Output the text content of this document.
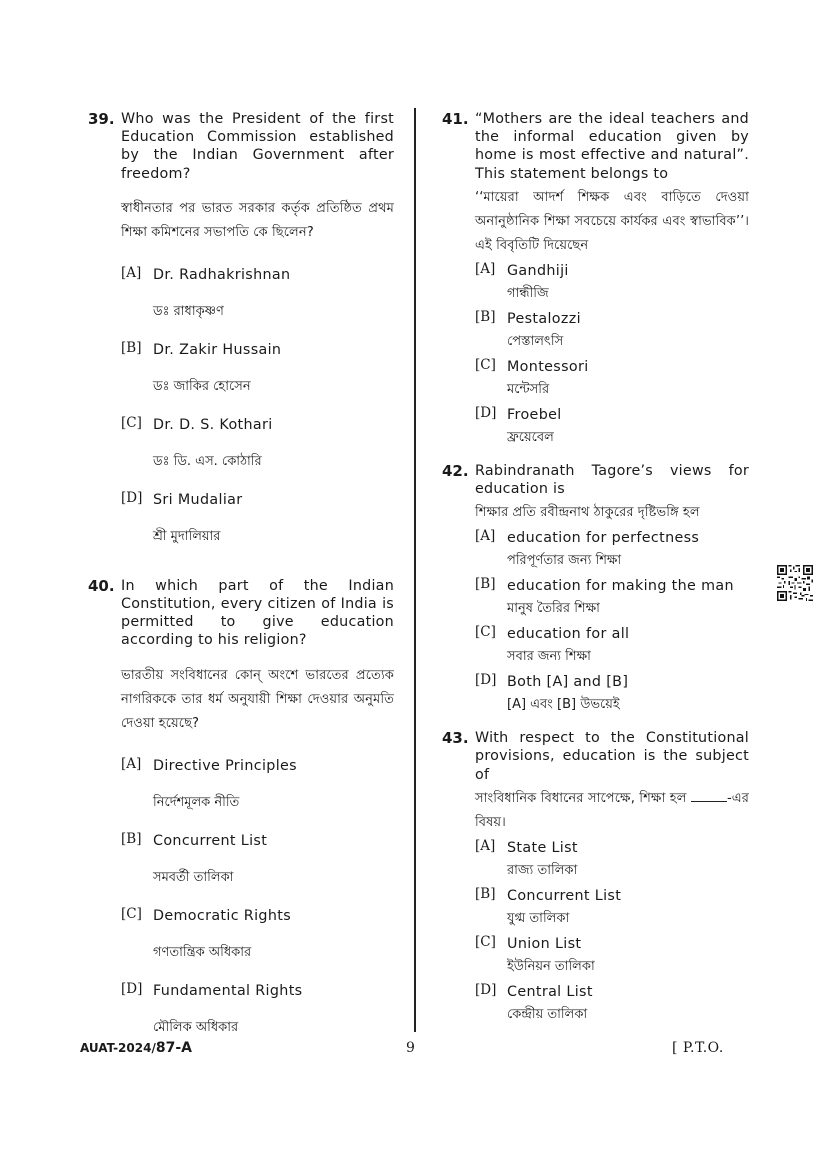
39. Who was the President of the first Education Commission established by the Indian Government after freedom?
স্বাধীনতার পর ভারত সরকার কর্তৃক প্রতিষ্ঠিত প্রথম শিক্ষা কমিশনের সভাপতি কে ছিলেন?
[A] Dr. Radhakrishnan
ডঃ রাধাকৃষ্ণণ
[B] Dr. Zakir Hussain
ডঃ জাকির হোসেন
[C] Dr. D. S. Kothari
ডঃ ডি. এস. কোঠারি
[D] Sri Mudaliar
শ্রী মুদালিয়ার
40. In which part of the Indian Constitution, every citizen of India is permitted to give education according to his religion?
ভারতীয় সংবিধানের কোন্‌ অংশে ভারতের প্রত্যেক নাগরিককে তার ধর্ম অনুযায়ী শিক্ষা দেওয়ার অনুমতি দেওয়া হয়েছে?
[A] Directive Principles
নির্দেশমূলক নীতি
[B] Concurrent List
সমবর্তী তালিকা
[C] Democratic Rights
গণতান্ত্রিক অধিকার
[D] Fundamental Rights
মৌলিক অধিকার
41. “Mothers are the ideal teachers and the informal education given by home is most effective and natural”. This statement belongs to
‘‘মায়েরা আদর্শ শিক্ষক এবং বাড়িতে দেওয়া অনানুষ্ঠানিক শিক্ষা সবচেয়ে কার্যকর এবং স্বাভাবিক’’। এই বিবৃতিটি দিয়েছেন
[A] Gandhiji
গান্ধীজি
[B] Pestalozzi
পেস্তালৎসি
[C] Montessori
মন্টেসরি
[D] Froebel
ফ্রয়েবেল
42. Rabindranath Tagore’s views for education is
শিক্ষার প্রতি রবীন্দ্রনাথ ঠাকুরের দৃষ্টিভঙ্গি হল
[A] education for perfectness
পরিপূর্ণতার জন্য শিক্ষা
[B] education for making the man
মানুষ তৈরির শিক্ষা
[C] education for all
সবার জন্য শিক্ষা
[D] Both [A] and [B]
[A] এবং [B] উভয়েই
43. With respect to the Constitutional provisions, education is the subject of
সাংবিধানিক বিধানের সাপেক্ষে, শিক্ষা হল	-এর বিষয়।
[A] State List
রাজ্য তালিকা
[B] Concurrent List
যুগ্ম তালিকা
[C] Union List
ইউনিয়ন তালিকা
[D] Central List
কেন্দ্রীয় তালিকা
AUAT-2024/87-A	9	[ P.T.O.
